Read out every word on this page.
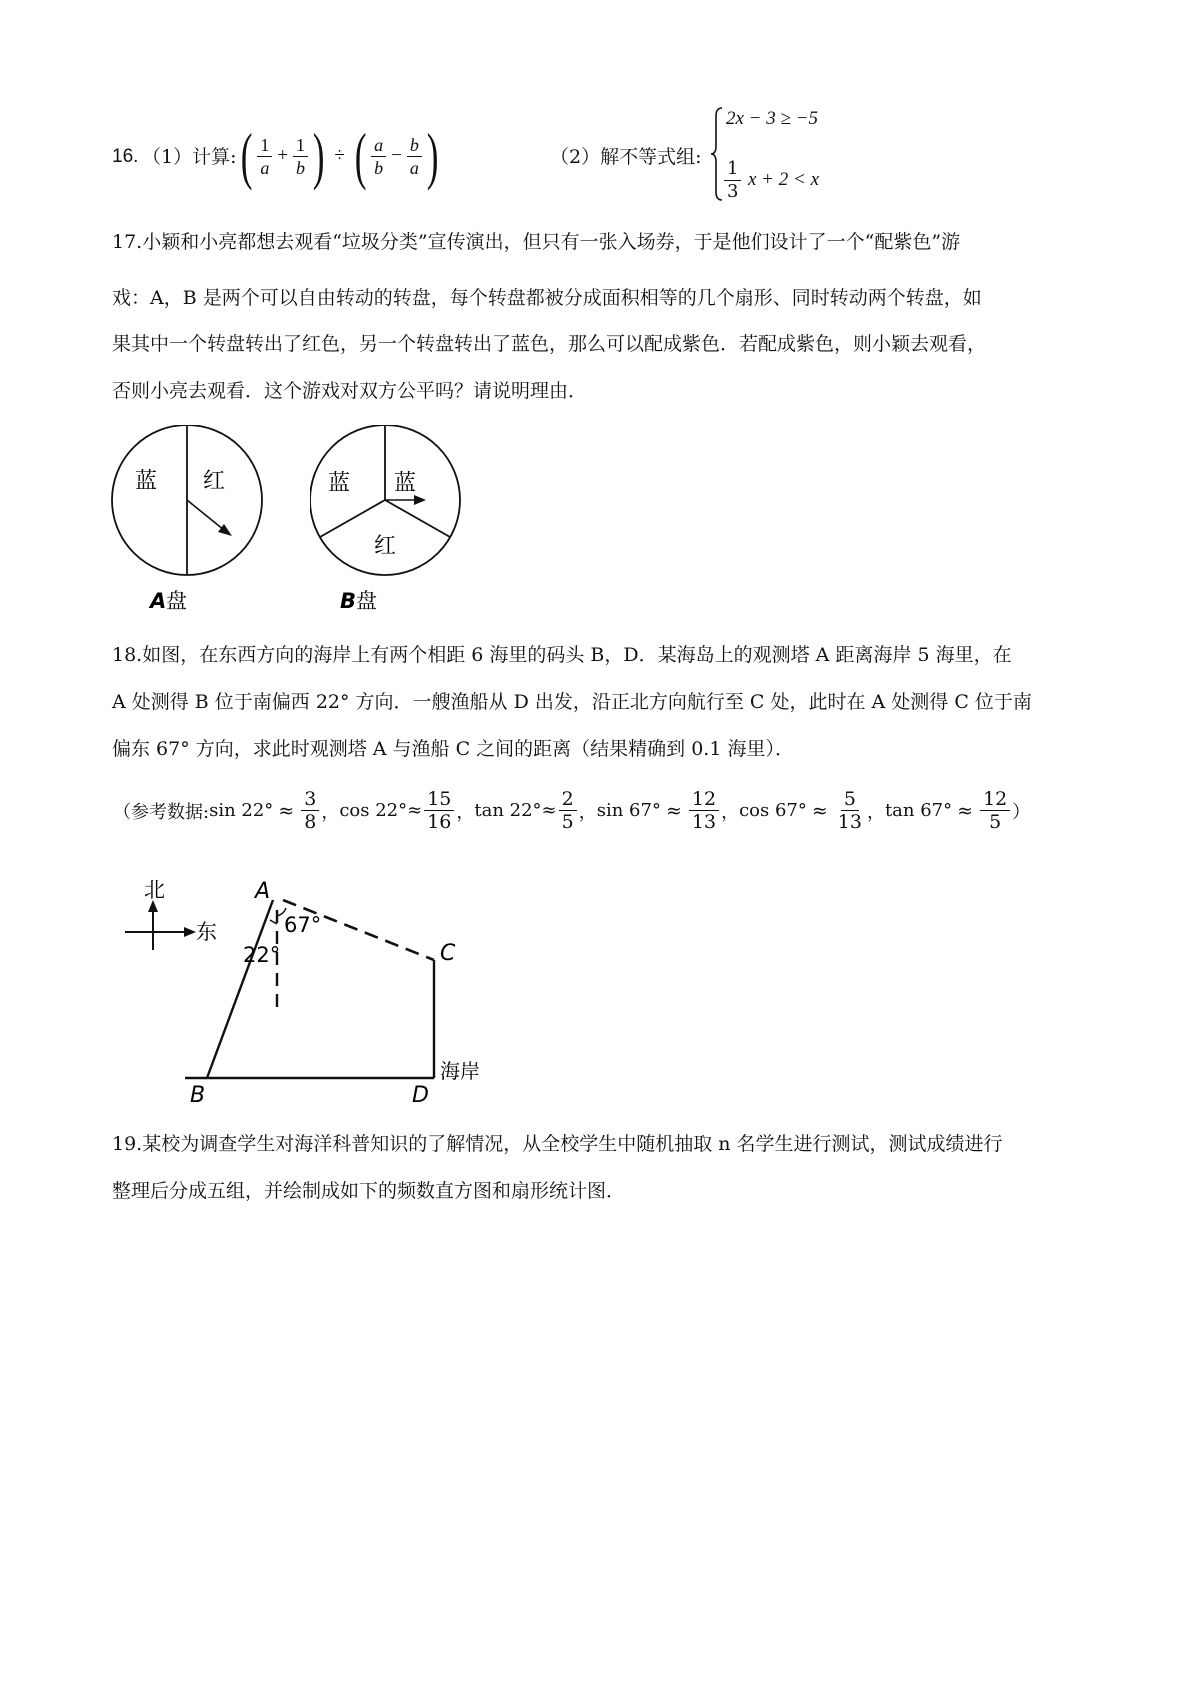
16. （1）计算: ( $\frac{1}{a} + \frac{1}{b}$ ) ÷ ( $\frac{a}{b} - \frac{b}{a}$ )	（2）解不等式组:
2x − 3 ≥ −5
$\frac{1}{3}$ x + 2 < x
17.小颖和小亮都想去观看“垃圾分类”宣传演出，但只有一张入场券，于是他们设计了一个“配紫色”游
戏：A，B 是两个可以自由转动的转盘，每个转盘都被分成面积相等的几个扇形、同时转动两个转盘，如
果其中一个转盘转出了红色，另一个转盘转出了蓝色，那么可以配成紫色．若配成紫色，则小颖去观看，
否则小亮去观看．这个游戏对双方公平吗？请说明理由．
蓝 红
A 盘
蓝 蓝
红
B 盘
18.如图，在东西方向的海岸上有两个相距 6 海里的码头 B，D．某海岛上的观测塔 A 距离海岸 5 海里，在
A 处测得 B 位于南偏西 22° 方向．一艘渔船从 D 出发，沿正北方向航行至 C 处，此时在 A 处测得 C 位于南
偏东 67° 方向，求此时观测塔 A 与渔船 C 之间的距离（结果精确到 0.1 海里）．
（参考数据: $\sin 22^\circ \approx \frac{3}{8}$ ， $\cos 22^\circ\approx \frac{15}{16}$ ， $\tan 22^\circ\approx \frac{2}{5}$ ， $\sin 67^\circ \approx \frac{12}{13}$ ， $\cos 67^\circ \approx \frac{5}{13}$ ， $\tan 67^\circ \approx \frac{12}{5}$ ）
北
东
A
B
C
D
22°
67°
海岸
19.某校为调查学生对海洋科普知识的了解情况，从全校学生中随机抽取 n 名学生进行测试，测试成绩进行
整理后分成五组，并绘制成如下的频数直方图和扇形统计图．
